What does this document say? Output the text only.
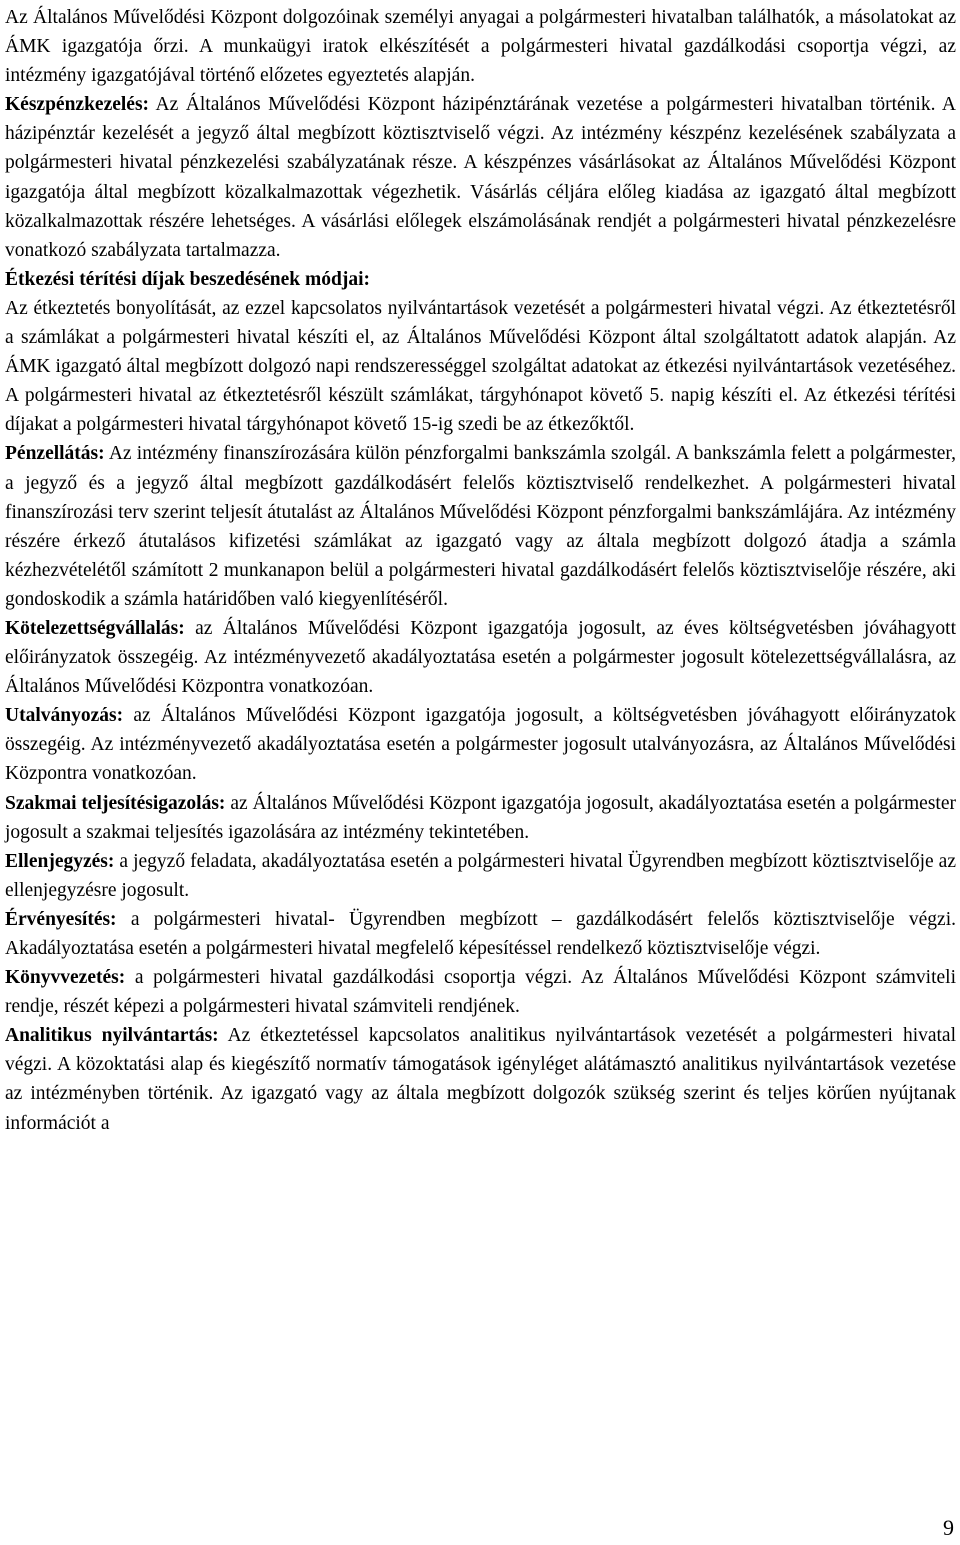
Az Általános Művelődési Központ dolgozóinak személyi anyagai a polgármesteri hivatalban találhatók, a másolatokat az ÁMK igazgatója őrzi. A munkaügyi iratok elkészítését a polgármesteri hivatal gazdálkodási csoportja végzi, az intézmény igazgatójával történő előzetes egyeztetés alapján.

Készpénzkezelés: Az Általános Művelődési Központ házipénztárának vezetése a polgármesteri hivatalban történik. A házipénztár kezelését a jegyző által megbízott köztisztviselő végzi. Az intézmény készpénz kezelésének szabályzata a polgármesteri hivatal pénzkezelési szabályzatának része. A készpénzes vásárlásokat az Általános Művelődési Központ igazgatója által megbízott közalkalmazottak végezhetik. Vásárlás céljára előleg kiadása az igazgató által megbízott közalkalmazottak részére lehetséges. A vásárlási előlegek elszámolásának rendjét a polgármesteri hivatal pénzkezelésre vonatkozó szabályzata tartalmazza.

Étkezési térítési díjak beszedésének módjai:

Az étkeztetés bonyolítását, az ezzel kapcsolatos nyilvántartások vezetését a polgármesteri hivatal végzi. Az étkeztetésről a számlákat a polgármesteri hivatal készíti el, az Általános Művelődési Központ által szolgáltatott adatok alapján. Az ÁMK igazgató által megbízott dolgozó napi rendszerességgel szolgáltat adatokat az étkezési nyilvántartások vezetéséhez. A polgármesteri hivatal az étkeztetésről készült számlákat, tárgyhónapot követő 5. napig készíti el. Az étkezési térítési díjakat a polgármesteri hivatal tárgyhónapot követő 15-ig szedi be az étkezőktől.

Pénzellátás: Az intézmény finanszírozására külön pénzforgalmi bankszámla szolgál. A bankszámla felett a polgármester, a jegyző és a jegyző által megbízott gazdálkodásért felelős köztisztviselő rendelkezhet. A polgármesteri hivatal finanszírozási terv szerint teljesít átutalást az Általános Művelődési Központ pénzforgalmi bankszámlájára. Az intézmény részére érkező átutalásos kifizetési számlákat az igazgató vagy az általa megbízott dolgozó átadja a számla kézhezvételétől számított 2 munkanapon belül a polgármesteri hivatal gazdálkodásért felelős köztisztviselője részére, aki gondoskodik a számla határidőben való kiegyenlítéséről.

Kötelezettségvállalás: az Általános Művelődési Központ igazgatója jogosult, az éves költségvetésben jóváhagyott előirányzatok összegéig. Az intézményvezető akadályoztatása esetén a polgármester jogosult kötelezettségvállalásra, az Általános Művelődési Központra vonatkozóan.

Utalványozás: az Általános Művelődési Központ igazgatója jogosult, a költségvetésben jóváhagyott előirányzatok összegéig. Az intézményvezető akadályoztatása esetén a polgármester jogosult utalványozásra, az Általános Művelődési Központra vonatkozóan.

Szakmai teljesítésigazolás: az Általános Művelődési Központ igazgatója jogosult, akadályoztatása esetén a polgármester jogosult a szakmai teljesítés igazolására az intézmény tekintetében.

Ellenjegyzés: a jegyző feladata, akadályoztatása esetén a polgármesteri hivatal Ügyrendben megbízott köztisztviselője az ellenjegyzésre jogosult.

Érvényesítés: a polgármesteri hivatal- Ügyrendben megbízott – gazdálkodásért felelős köztisztviselője végzi. Akadályoztatása esetén a polgármesteri hivatal megfelelő képesítéssel rendelkező köztisztviselője végzi.

Könyvvezetés: a polgármesteri hivatal gazdálkodási csoportja végzi. Az Általános Művelődési Központ számviteli rendje, részét képezi a polgármesteri hivatal számviteli rendjének.

Analitikus nyilvántartás: Az étkeztetéssel kapcsolatos analitikus nyilvántartások vezetését a polgármesteri hivatal végzi. A közoktatási alap és kiegészítő normatív támogatások igényléget alátámasztó analitikus nyilvántartások vezetése az intézményben történik. Az igazgató vagy az általa megbízott dolgozók szükség szerint és teljes körűen nyújtanak információt a

9
